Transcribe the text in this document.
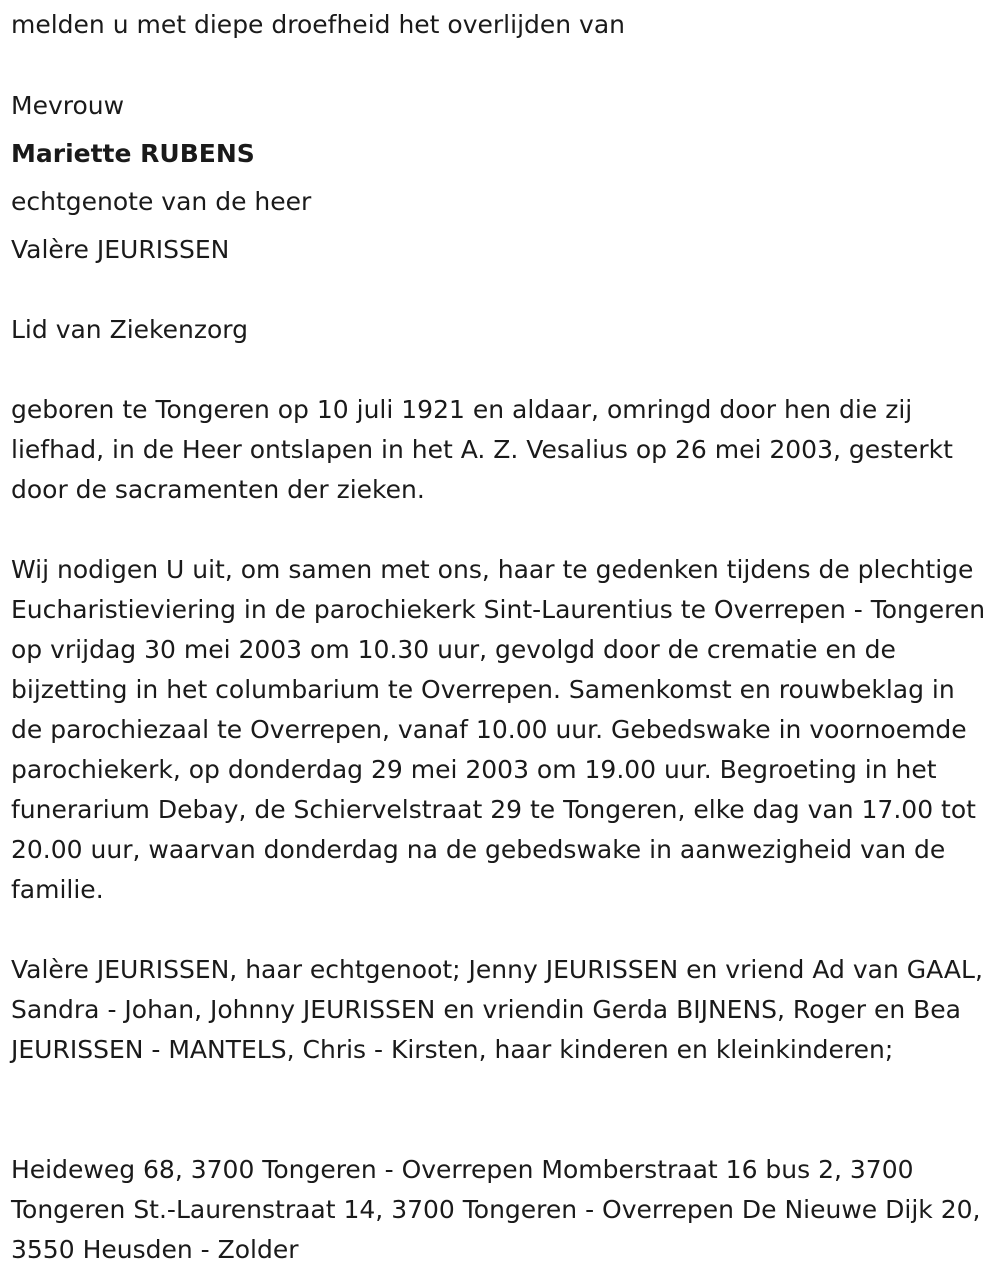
melden u met diepe droefheid het overlijden van

Mevrouw

Mariette RUBENS

echtgenote van de heer

Valère JEURISSEN

Lid van Ziekenzorg

geboren te Tongeren op 10 juli 1921 en aldaar, omringd door hen die zij liefhad, in de Heer ontslapen in het A. Z. Vesalius op 26 mei 2003, gesterkt door de sacramenten der zieken.

Wij nodigen U uit, om samen met ons, haar te gedenken tijdens de plechtige Eucharistieviering in de parochiekerk Sint-Laurentius te Overrepen - Tongeren op vrijdag 30 mei 2003 om 10.30 uur, gevolgd door de crematie en de bijzetting in het columbarium te Overrepen. Samenkomst en rouwbeklag in de parochiezaal te Overrepen, vanaf 10.00 uur. Gebedswake in voornoemde parochiekerk, op donderdag 29 mei 2003 om 19.00 uur. Begroeting in het funerarium Debay, de Schiervelstraat 29 te Tongeren, elke dag van 17.00 tot 20.00 uur, waarvan donderdag na de gebedswake in aanwezigheid van de familie.

Valère JEURISSEN, haar echtgenoot; Jenny JEURISSEN en vriend Ad van GAAL, Sandra - Johan, Johnny JEURISSEN en vriendin Gerda BIJNENS, Roger en Bea JEURISSEN - MANTELS, Chris - Kirsten, haar kinderen en kleinkinderen;

Heideweg 68, 3700 Tongeren - Overrepen Momberstraat 16 bus 2, 3700 Tongeren St.-Laurenstraat 14, 3700 Tongeren - Overrepen De Nieuwe Dijk 20, 3550 Heusden - Zolder
